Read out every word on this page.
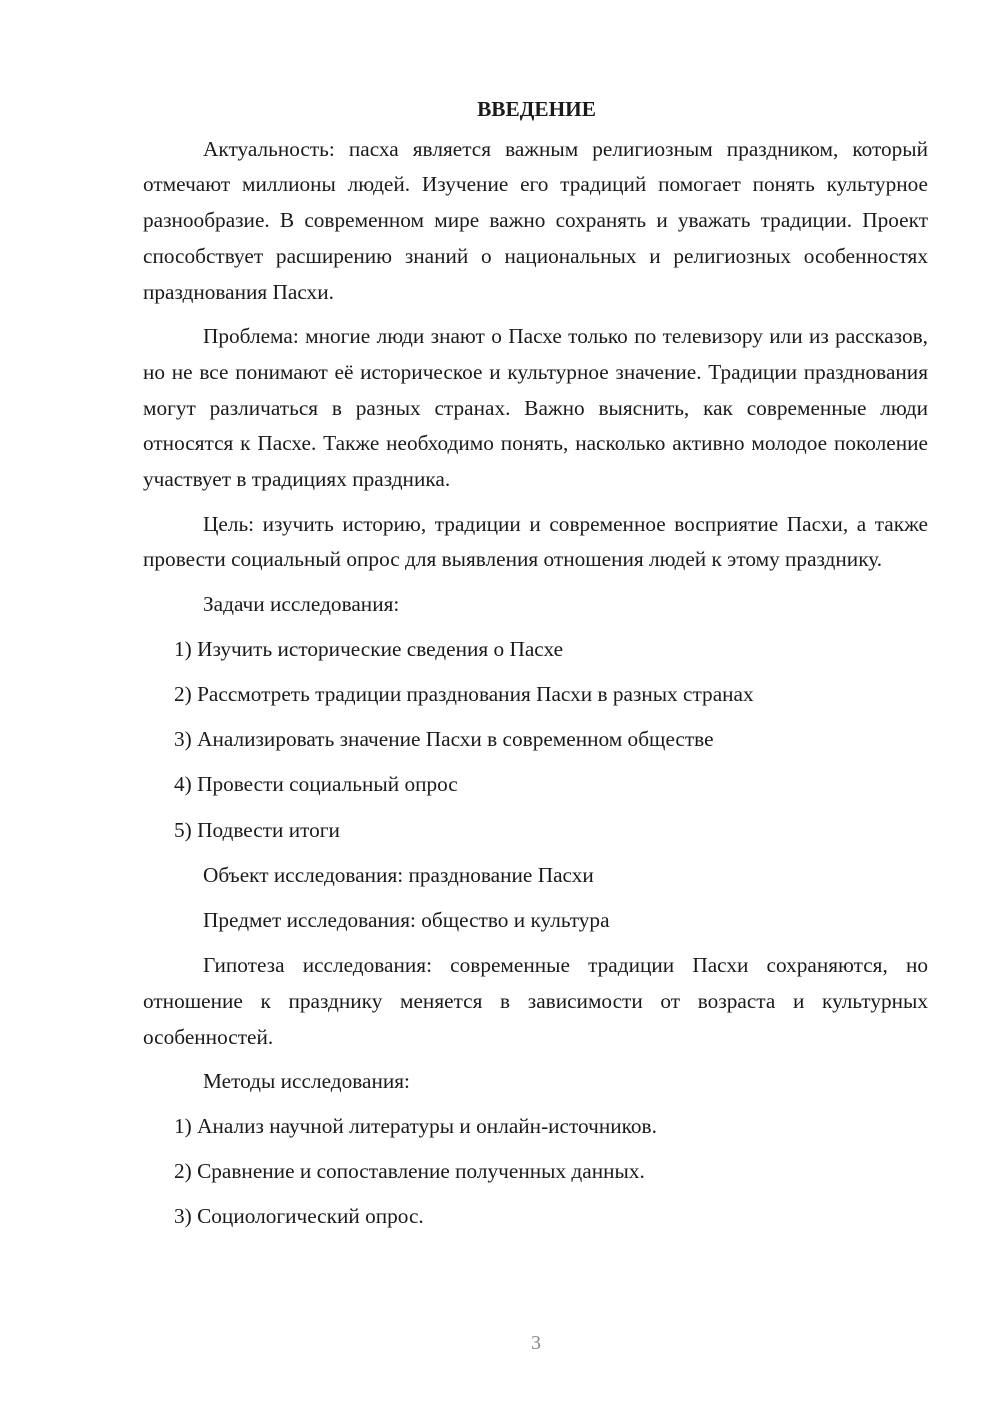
ВВЕДЕНИЕ

Актуальность: пасха является важным религиозным праздником, который отмечают миллионы людей. Изучение его традиций помогает понять культурное разнообразие. В современном мире важно сохранять и уважать традиции. Проект способствует расширению знаний о национальных и религиозных особенностях празднования Пасхи.

Проблема: многие люди знают о Пасхе только по телевизору или из рассказов, но не все понимают её историческое и культурное значение. Традиции празднования могут различаться в разных странах. Важно выяснить, как современные люди относятся к Пасхе. Также необходимо понять, насколько активно молодое поколение участвует в традициях праздника.

Цель: изучить историю, традиции и современное восприятие Пасхи, а также провести социальный опрос для выявления отношения людей к этому празднику.

Задачи исследования:

1) Изучить исторические сведения о Пасхе

2) Рассмотреть традиции празднования Пасхи в разных странах

3) Анализировать значение Пасхи в современном обществе

4) Провести социальный опрос

5) Подвести итоги

Объект исследования: празднование Пасхи

Предмет исследования: общество и культура

Гипотеза исследования: современные традиции Пасхи сохраняются, но отношение к празднику меняется в зависимости от возраста и культурных особенностей.

Методы исследования:

1) Анализ научной литературы и онлайн-источников.

2) Сравнение и сопоставление полученных данных.

3) Социологический опрос.

3
